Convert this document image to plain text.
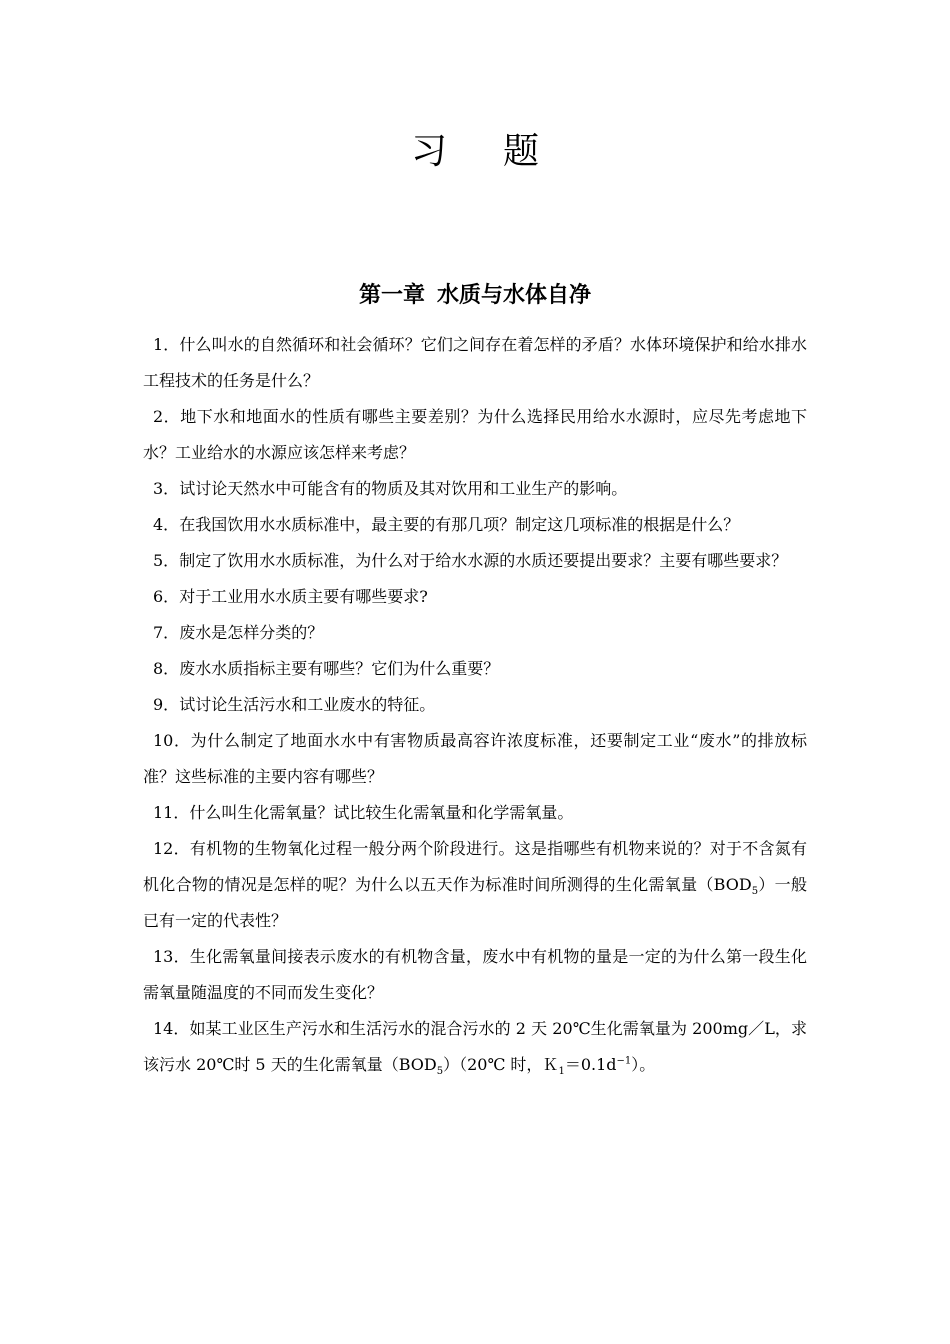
习题
第一章 水质与水体自净

1．什么叫水的自然循环和社会循环？它们之间存在着怎样的矛盾？水体环境保护和给水排水工程技术的任务是什么？

2．地下水和地面水的性质有哪些主要差别？为什么选择民用给水水源时，应尽先考虑地下水？工业给水的水源应该怎样来考虑？

3．试讨论天然水中可能含有的物质及其对饮用和工业生产的影响。

4．在我国饮用水水质标准中，最主要的有那几项？制定这几项标准的根据是什么？

5．制定了饮用水水质标准，为什么对于给水水源的水质还要提出要求？主要有哪些要求？

6．对于工业用水水质主要有哪些要求?

7．废水是怎样分类的？

8．废水水质指标主要有哪些？它们为什么重要？

9．试讨论生活污水和工业废水的特征。

10．为什么制定了地面水水中有害物质最高容许浓度标准，还要制定工业“废水”的排放标准？这些标准的主要内容有哪些？

11．什么叫生化需氧量？试比较生化需氧量和化学需氧量。

12．有机物的生物氧化过程一般分两个阶段进行。这是指哪些有机物来说的？对于不含氮有机化合物的情况是怎样的呢？为什么以五天作为标准时间所测得的生化需氧量$(BOD_5)$一般已有一定的代表性？

13．生化需氧量间接表示废水的有机物含量，废水中有机物的量是一定的为什么第一段生化需氧量随温度的不同而发生变化？

14．如某工业区生产污水和生活污水的混合污水的 2 天 20℃生化需氧量为 200mg／L，求该污水 20℃时 5 天的生化需氧量$(BOD_5)(20℃$ 时，$K_1=0.1d^{-1}$）。
